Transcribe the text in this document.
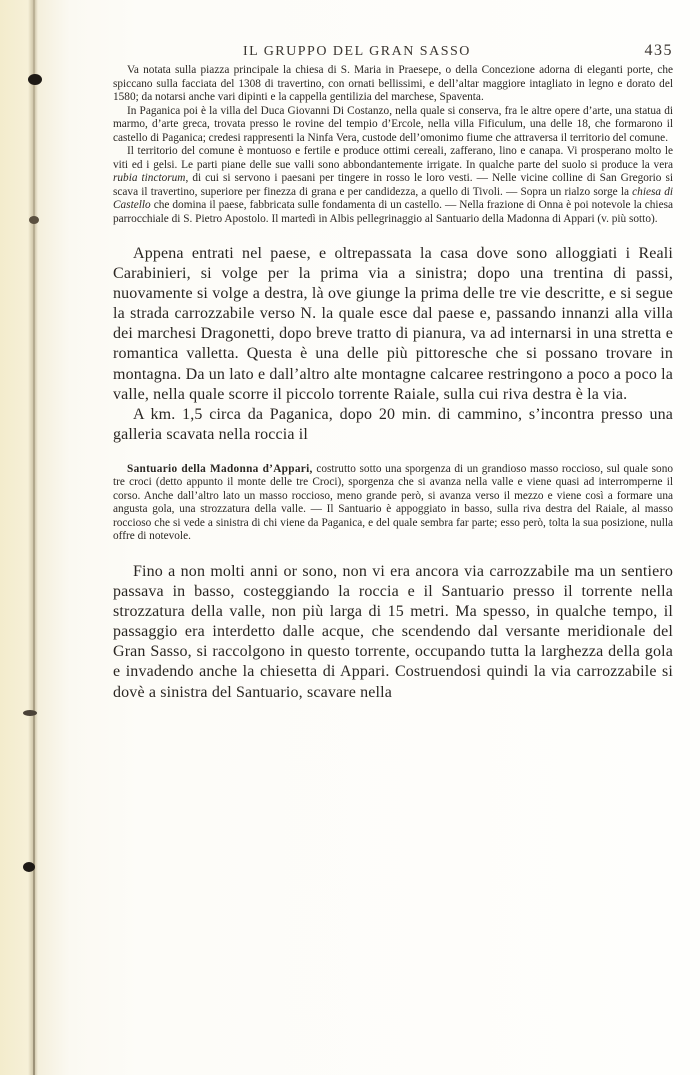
IL GRUPPO DEL GRAN SASSO	435

Va notata sulla piazza principale la chiesa di S. Maria in Praesepe, o della Concezione adorna di eleganti porte, che spiccano sulla facciata del 1308 di travertino, con ornati bellissimi, e dell’altar maggiore intagliato in legno e dorato del 1580; da notarsi anche vari dipinti e la cappella gentilizia del marchese, Spaventa.

In Paganica poi è la villa del Duca Giovanni Di Costanzo, nella quale si conserva, fra le altre opere d’arte, una statua di marmo, d’arte greca, trovata presso le rovine del tempio d’Ercole, nella villa Fificulum, una delle 18, che formarono il castello di Paganica; credesi rappresenti la Ninfa Vera, custode dell’omonimo fiume che attraversa il territorio del comune.

Il territorio del comune è montuoso e fertile e produce ottimi cereali, zafferano, lino e canapa. Vi prosperano molto le viti ed i gelsi. Le parti piane delle sue valli sono abbondantemente irrigate. In qualche parte del suolo si produce la vera rubia tinctorum, di cui si servono i paesani per tingere in rosso le loro vesti. — Nelle vicine colline di San Gregorio si scava il travertino, superiore per finezza di grana e per candidezza, a quello di Tivoli. — Sopra un rialzo sorge la chiesa di Castello che domina il paese, fabbricata sulle fondamenta di un castello. — Nella frazione di Onna è poi notevole la chiesa parrocchiale di S. Pietro Apostolo. Il martedì in Albis pellegrinaggio al Santuario della Madonna di Appari (v. più sotto).

Appena entrati nel paese, e oltrepassata la casa dove sono alloggiati i Reali Carabinieri, si volge per la prima via a sinistra; dopo una trentina di passi, nuovamente si volge a destra, là ove giunge la prima delle tre vie descritte, e si segue la strada carrozzabile verso N. la quale esce dal paese e, passando innanzi alla villa dei marchesi Dragonetti, dopo breve tratto di pianura, va ad internarsi in una stretta e romantica valletta. Questa è una delle più pittoresche che si possano trovare in montagna. Da un lato e dall’altro alte montagne calcaree restringono a poco a poco la valle, nella quale scorre il piccolo torrente Raiale, sulla cui riva destra è la via.

A km. 1,5 circa da Paganica, dopo 20 min. di cammino, s’incontra presso una galleria scavata nella roccia il

Santuario della Madonna d’Appari, costrutto sotto una sporgenza di un grandioso masso roccioso, sul quale sono tre croci (detto appunto il monte delle tre Croci), sporgenza che si avanza nella valle e viene quasi ad interromperne il corso. Anche dall’altro lato un masso roccioso, meno grande però, si avanza verso il mezzo e viene così a formare una angusta gola, una strozzatura della valle. — Il Santuario è appoggiato in basso, sulla riva destra del Raiale, al masso roccioso che si vede a sinistra di chi viene da Paganica, e del quale sembra far parte; esso però, tolta la sua posizione, nulla offre di notevole.

Fino a non molti anni or sono, non vi era ancora via carrozzabile ma un sentiero passava in basso, costeggiando la roccia e il Santuario presso il torrente nella strozzatura della valle, non più larga di 15 metri. Ma spesso, in qualche tempo, il passaggio era interdetto dalle acque, che scendendo dal versante meridionale del Gran Sasso, si raccolgono in questo torrente, occupando tutta la larghezza della gola e invadendo anche la chiesetta di Appari. Costruendosi quindi la via carrozzabile si dovè a sinistra del Santuario, scavare nella
